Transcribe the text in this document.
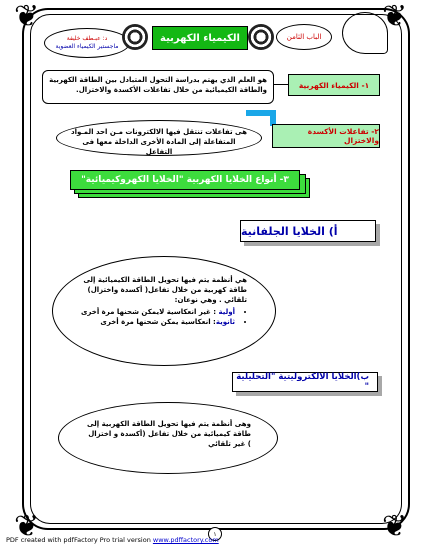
❦	❦
❦	❦
د: عبـطف خليفة
ماجستير الكيمياء العضوية
الكيمياء الكهربية	الباب الثامن
هو العلم الذي يهتم بدراسة التحول المتبادل بين الطاقة الكهربية والطاقة الكيميائية من خلال تفاعلات الأكسدة والاختزال.
١- الكيمياء الكهربية
هى تفاعلات تنتقل فيها الالكترونات مـن احد المـواد المتفاعلة إلى المادة الأخرى الداخلة معها فى التفاعل
٢- تفاعلات الأكسدة والاختزال
٣- أنواع الخلايا الكهربية "الخلايا الكهروكيميائية"
أ) الخلايا الجلفانية
هي أنظمة يتم فيها تحويل الطاقة الكيميائية إلى طاقة كهربية من خلال تفاعل( أكسدة واختزال) تلقائي . وهي نوعان:
• أولية : غير انعكاسية لايمكن شحنها مرة أخرى
• ثانوية: انعكاسية يمكن شحنها مرة أخرى
ب)الخلايا الالكتروليتية "التحليلية "
وهى أنظمة يتم فيها تحويل الطاقة الكهربية إلى طاقة كيميائية من خلال تفاعل (أكسدة و اختزال ) غير تلقائي
١
PDF created with pdfFactory Pro trial version www.pdffactory.com
